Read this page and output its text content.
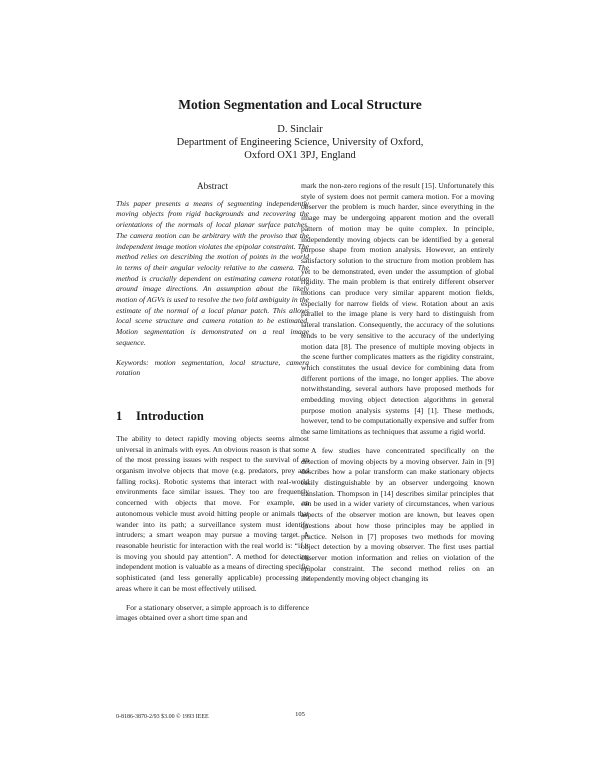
Motion Segmentation and Local Structure
D. Sinclair
Department of Engineering Science, University of Oxford,
Oxford OX1 3PJ, England
Abstract

This paper presents a means of segmenting independently moving objects from rigid backgrounds and recovering the orientations of the normals of local planar surface patches. The camera motion can be arbitrary with the proviso that the independent image motion violates the epipolar constraint. The method relies on describing the motion of points in the world in terms of their angular velocity relative to the camera. The method is crucially dependent on estimating camera rotation around image directions. An assumption about the likely motion of AGVs is used to resolve the two fold ambiguity in the estimate of the normal of a local planar patch. This allows local scene structure and camera rotation to be estimated. Motion segmentation is demonstrated on a real image sequence.

Keywords: motion segmentation, local structure, camera rotation

1 Introduction

The ability to detect rapidly moving objects seems almost universal in animals with eyes. An obvious reason is that some of the most pressing issues with respect to the survival of an organism involve objects that move (e.g. predators, prey and falling rocks). Robotic systems that interact with real-world environments face similar issues. They too are frequently concerned with objects that move. For example, an autonomous vehicle must avoid hitting people or animals that wander into its path; a surveillance system must identify intruders; a smart weapon may pursue a moving target. A reasonable heuristic for interaction with the real world is: “if it is moving you should pay attention”. A method for detecting independent motion is valuable as a means of directing specific sophisticated (and less generally applicable) processing to areas where it can be most effectively utilised.

For a stationary observer, a simple approach is to difference images obtained over a short time span and

mark the non-zero regions of the result [15]. Unfortunately this style of system does not permit camera motion. For a moving observer the problem is much harder, since everything in the image may be undergoing apparent motion and the overall pattern of motion may be quite complex. In principle, independently moving objects can be identified by a general purpose shape from motion analysis. However, an entirely satisfactory solution to the structure from motion problem has yet to be demonstrated, even under the assumption of global rigidity. The main problem is that entirely different observer motions can produce very similar apparent motion fields, especially for narrow fields of view. Rotation about an axis parallel to the image plane is very hard to distinguish from lateral translation. Consequently, the accuracy of the solutions tends to be very sensitive to the accuracy of the underlying motion data [8]. The presence of multiple moving objects in the scene further complicates matters as the rigidity constraint, which constitutes the usual device for combining data from different portions of the image, no longer applies. The above notwithstanding, several authors have proposed methods for embedding moving object detection algorithms in general purpose motion analysis systems [4] [1]. These methods, however, tend to be computationally expensive and suffer from the same limitations as techniques that assume a rigid world.

A few studies have concentrated specifically on the detection of moving objects by a moving observer. Jain in [9] describes how a polar transform can make stationary objects easily distinguishable by an observer undergoing known translation. Thompson in [14] describes similar principles that can be used in a wider variety of circumstances, when various aspects of the observer motion are known, but leaves open questions about how those principles may be applied in practice. Nelson in [7] proposes two methods for moving object detection by a moving observer. The first uses partial observer motion information and relies on violation of the epipolar constraint. The second method relies on an independently moving object changing its

0-8186-3870-2/93 $3.00 © 1993 IEEE	105
